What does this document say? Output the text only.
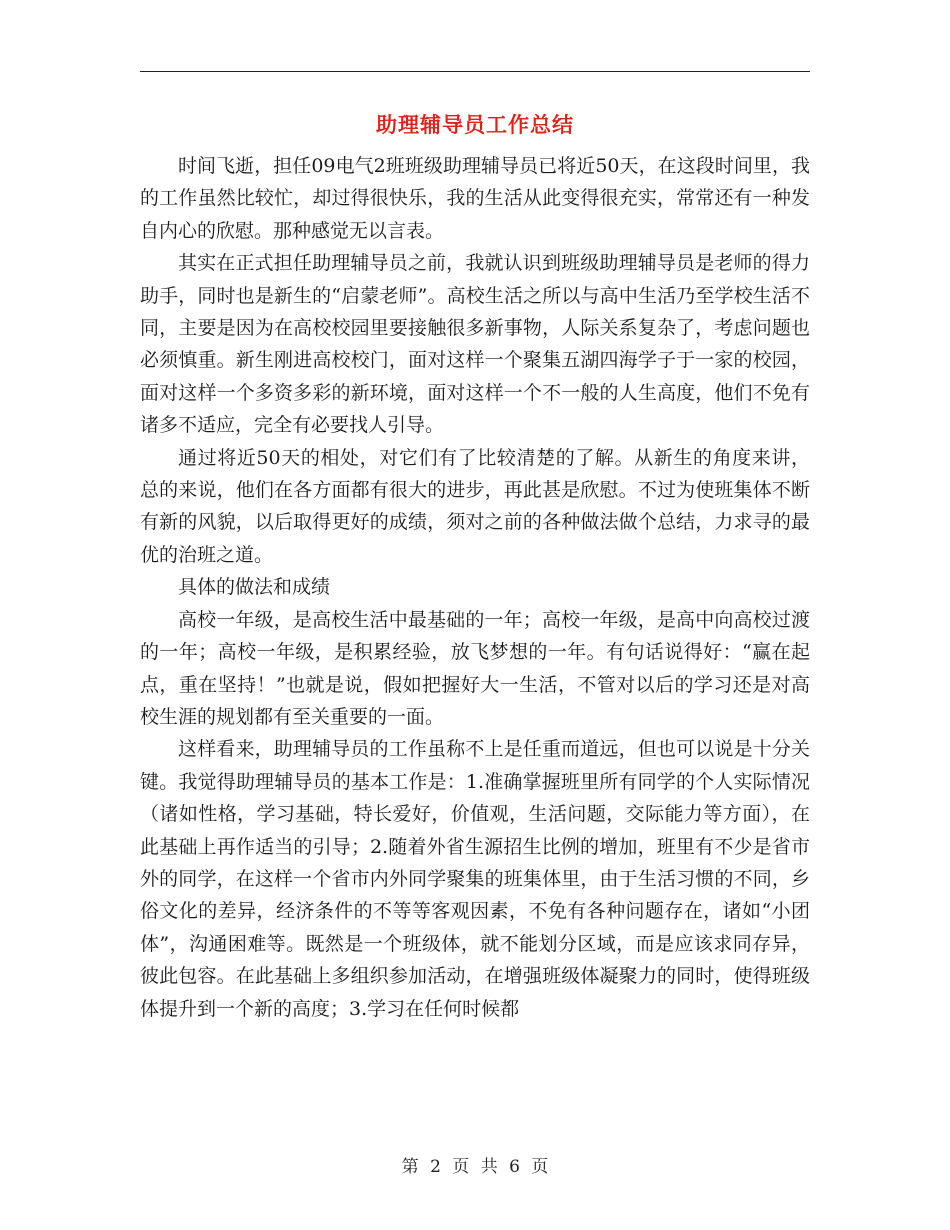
助理辅导员工作总结

时间飞逝，担任09电气2班班级助理辅导员已将近50天，在这段时间里，我的工作虽然比较忙，却过得很快乐，我的生活从此变得很充实，常常还有一种发自内心的欣慰。那种感觉无以言表。

其实在正式担任助理辅导员之前，我就认识到班级助理辅导员是老师的得力助手，同时也是新生的“启蒙老师”。高校生活之所以与高中生活乃至学校生活不同，主要是因为在高校校园里要接触很多新事物，人际关系复杂了，考虑问题也必须慎重。新生刚进高校校门，面对这样一个聚集五湖四海学子于一家的校园，面对这样一个多资多彩的新环境，面对这样一个不一般的人生高度，他们不免有诸多不适应，完全有必要找人引导。

通过将近50天的相处，对它们有了比较清楚的了解。从新生的角度来讲，总的来说，他们在各方面都有很大的进步，再此甚是欣慰。不过为使班集体不断有新的风貌，以后取得更好的成绩，须对之前的各种做法做个总结，力求寻的最优的治班之道。

具体的做法和成绩

高校一年级，是高校生活中最基础的一年；高校一年级，是高中向高校过渡的一年；高校一年级，是积累经验，放飞梦想的一年。有句话说得好：“赢在起点，重在坚持！”也就是说，假如把握好大一生活，不管对以后的学习还是对高校生涯的规划都有至关重要的一面。

这样看来，助理辅导员的工作虽称不上是任重而道远，但也可以说是十分关键。我觉得助理辅导员的基本工作是：1.准确掌握班里所有同学的个人实际情况（诸如性格，学习基础，特长爱好，价值观，生活问题，交际能力等方面），在此基础上再作适当的引导；2.随着外省生源招生比例的增加，班里有不少是省市外的同学，在这样一个省市内外同学聚集的班集体里，由于生活习惯的不同，乡俗文化的差异，经济条件的不等等客观因素，不免有各种问题存在，诸如“小团体”，沟通困难等。既然是一个班级体，就不能划分区域，而是应该求同存异，彼此包容。在此基础上多组织参加活动，在增强班级体凝聚力的同时，使得班级体提升到一个新的高度；3.学习在任何时候都

第 2 页 共 6 页
